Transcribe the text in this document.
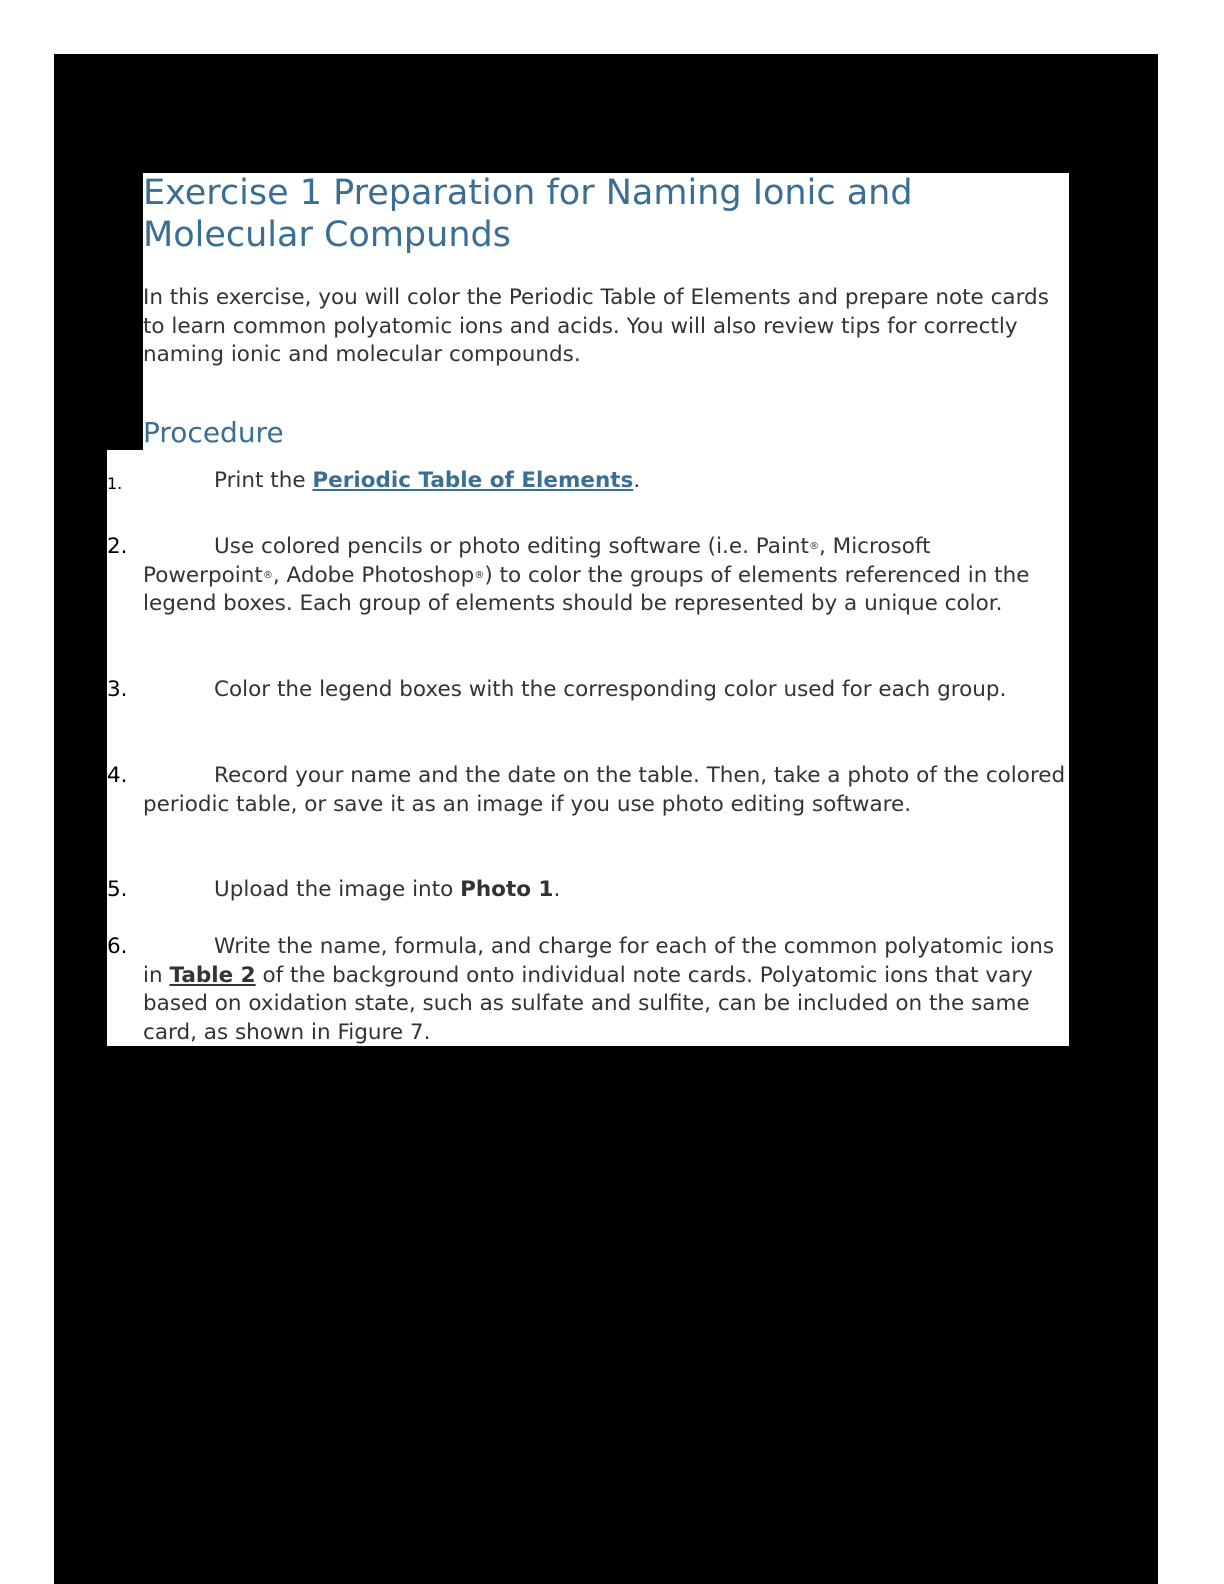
Exercise 1 Preparation for Naming Ionic and Molecular Compunds

In this exercise, you will color the Periodic Table of Elements and prepare note cards to learn common polyatomic ions and acids. You will also review tips for correctly naming ionic and molecular compounds.

Procedure
1.	Print the Periodic Table of Elements.
2.	Use colored pencils or photo editing software (i.e. Paint®, Microsoft Powerpoint®, Adobe Photoshop®) to color the groups of elements referenced in the legend boxes. Each group of elements should be represented by a unique color.
3.	Color the legend boxes with the corresponding color used for each group.
4.	Record your name and the date on the table. Then, take a photo of the colored periodic table, or save it as an image if you use photo editing software.
5.	Upload the image into Photo 1.
6.	Write the name, formula, and charge for each of the common polyatomic ions in Table 2 of the background onto individual note cards. Polyatomic ions that vary based on oxidation state, such as sulfate and sulfite, can be included on the same card, as shown in Figure 7.
